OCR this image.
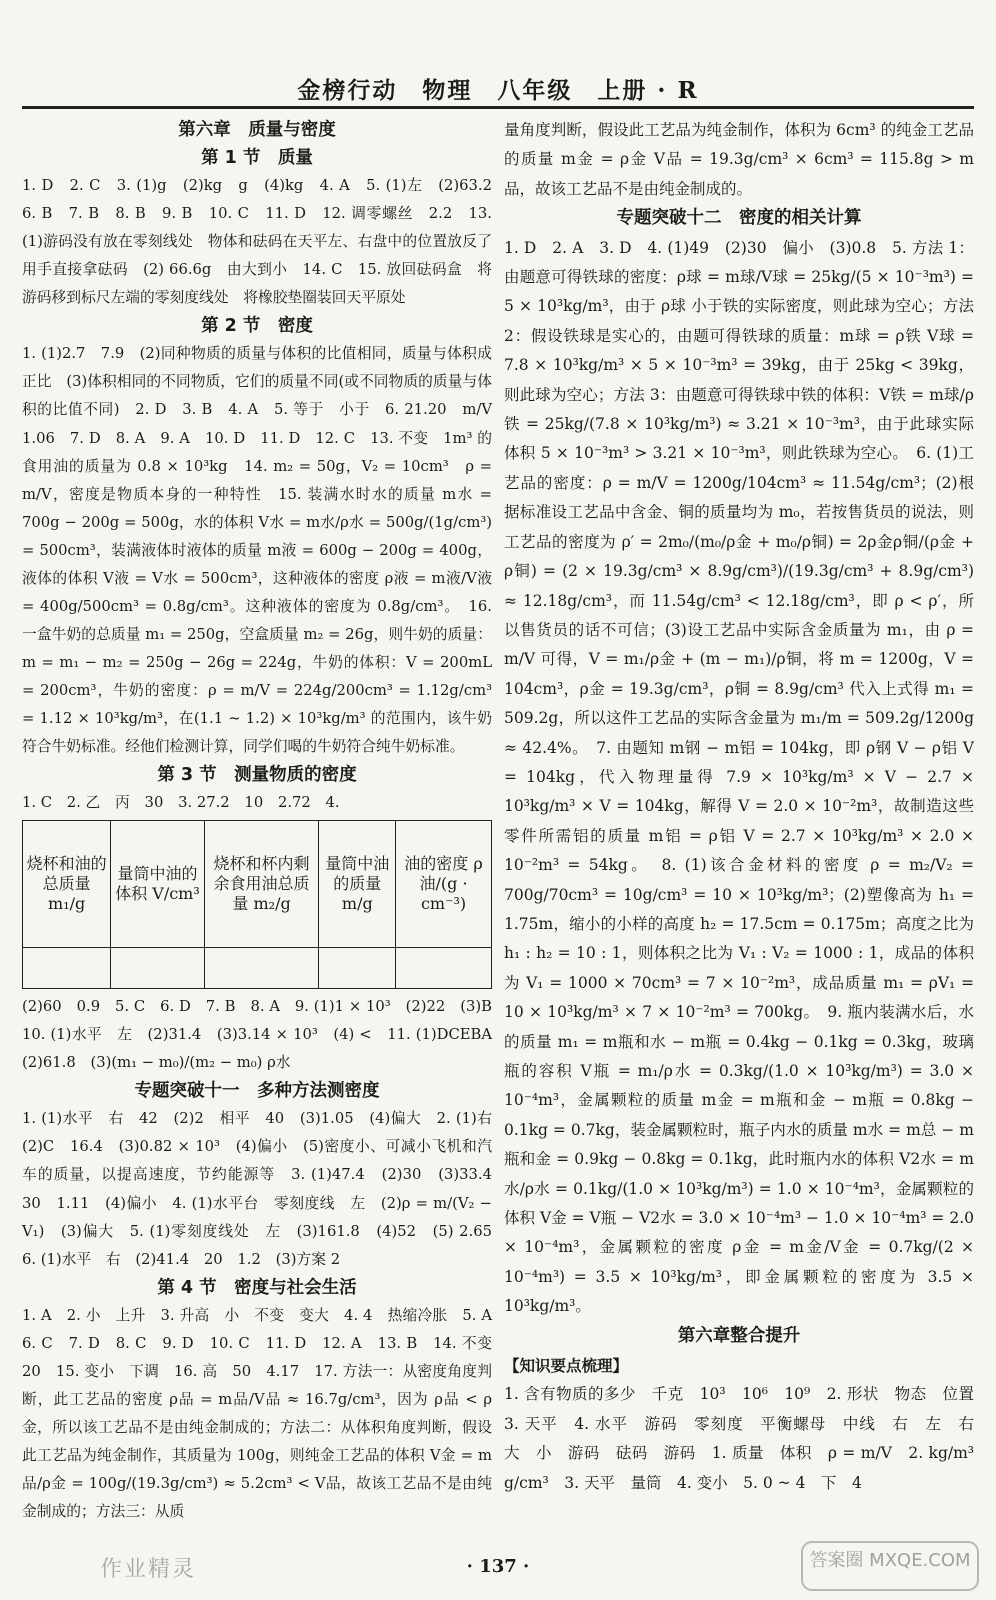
金榜行动　物理　八年级　上册 · R
第六章　质量与密度
第 1 节　质量

1. D　2. C　3. (1)g　(2)kg　g　(4)kg　4. A　5. (1)左　(2)63.2　6. B　7. B　8. B　9. B　10. C　11. D　12. 调零螺丝　2.2　13. (1)游码没有放在零刻线处　物体和砝码在天平左、右盘中的位置放反了　用手直接拿砝码　(2) 66.6g　由大到小　14. C　15. 放回砝码盒　将游码移到标尺左端的零刻度线处　将橡胶垫圈装回天平原处

第 2 节　密度

1. (1)2.7　7.9　(2)同种物质的质量与体积的比值相同，质量与体积成正比　(3)体积相同的不同物质，它们的质量不同(或不同物质的质量与体积的比值不同)　2. D　3. B　4. A　5. 等于　小于　6. 21.20　m/V　1.06　7. D　8. A　9. A　10. D　11. D　12. C　13. 不变　1m³ 的食用油的质量为 0.8 × 10³kg　14. m₂ = 50g，V₂ = 10cm³　ρ = m/V，密度是物质本身的一种特性　15. 装满水时水的质量 m水 = 700g − 200g = 500g，水的体积 V水 = m水/ρ水 = 500g/(1g/cm³) = 500cm³，装满液体时液体的质量 m液 = 600g − 200g = 400g，液体的体积 V液 = V水 = 500cm³，这种液体的密度 ρ液 = m液/V液 = 400g/500cm³ = 0.8g/cm³。这种液体的密度为 0.8g/cm³。　16. 一盒牛奶的总质量 m₁ = 250g，空盒质量 m₂ = 26g，则牛奶的质量：m = m₁ − m₂ = 250g − 26g = 224g，牛奶的体积：V = 200mL = 200cm³，牛奶的密度：ρ = m/V = 224g/200cm³ = 1.12g/cm³ = 1.12 × 10³kg/m³，在(1.1 ~ 1.2) × 10³kg/m³ 的范围内，该牛奶符合牛奶标准。经他们检测计算，同学们喝的牛奶符合纯牛奶标准。

第 3 节　测量物质的密度

1. C　2. 乙　丙　30　3. 27.2　10　2.72　4.

烧杯和油的总质量 m₁/g	量筒中油的体积 V/cm³	烧杯和杯内剩余食用油总质量 m₂/g	量筒中油的质量 m/g	油的密度 ρ油/(g · cm⁻³)

(2)60　0.9　5. C　6. D　7. B　8. A　9. (1)1 × 10³　(2)22　(3)B　10. (1)水平　左　(2)31.4　(3)3.14 × 10³　(4) <　11. (1)DCEBA　(2)61.8　(3)(m₁ − m₀)/(m₂ − m₀) ρ水

专题突破十一　多种方法测密度

1. (1)水平　右　42　(2)2　相平　40　(3)1.05　(4)偏大　2. (1)右　(2)C　16.4　(3)0.82 × 10³　(4)偏小　(5)密度小、可减小飞机和汽车的质量，以提高速度，节约能源等　3. (1)47.4　(2)30　(3)33.4　30　1.11　(4)偏小　4. (1)水平台　零刻度线　左　(2)ρ = m/(V₂ − V₁)　(3)偏大　5. (1)零刻度线处　左　(3)161.8　(4)52　(5) 2.65　6. (1)水平　右　(2)41.4　20　1.2　(3)方案 2

第 4 节　密度与社会生活

1. A　2. 小　上升　3. 升高　小　不变　变大　4. 4　热缩冷胀　5. A　6. C　7. D　8. C　9. D　10. C　11. D　12. A　13. B　14. 不变　20　15. 变小　下调　16. 高　50　4.17　17. 方法一：从密度角度判断，此工艺品的密度 ρ品 = m品/V品 ≈ 16.7g/cm³，因为 ρ品 < ρ金，所以该工艺品不是由纯金制成的；方法二：从体积角度判断，假设此工艺品为纯金制作，其质量为 100g，则纯金工艺品的体积 V金 = m品/ρ金 = 100g/(19.3g/cm³) ≈ 5.2cm³ < V品，故该工艺品不是由纯金制成的；方法三：从质

量角度判断，假设此工艺品为纯金制作，体积为 6cm³ 的纯金工艺品的质量 m金 = ρ金 V品 = 19.3g/cm³ × 6cm³ = 115.8g > m品，故该工艺品不是由纯金制成的。

专题突破十二　密度的相关计算

1. D　2. A　3. D　4. (1)49　(2)30　偏小　(3)0.8　5. 方法 1：由题意可得铁球的密度：ρ球 = m球/V球 = 25kg/(5 × 10⁻³m³) = 5 × 10³kg/m³，由于 ρ球 小于铁的实际密度，则此球为空心；方法 2：假设铁球是实心的，由题可得铁球的质量：m球 = ρ铁 V球 = 7.8 × 10³kg/m³ × 5 × 10⁻³m³ = 39kg，由于 25kg < 39kg，则此球为空心；方法 3：由题意可得铁球中铁的体积：V铁 = m球/ρ铁 = 25kg/(7.8 × 10³kg/m³) ≈ 3.21 × 10⁻³m³，由于此球实际体积 5 × 10⁻³m³ > 3.21 × 10⁻³m³，则此铁球为空心。　6. (1)工艺品的密度：ρ = m/V = 1200g/104cm³ ≈ 11.54g/cm³；(2)根据标准设工艺品中含金、铜的质量均为 m₀，若按售货员的说法，则工艺品的密度为 ρ′ = 2m₀/(m₀/ρ金 + m₀/ρ铜) = 2ρ金ρ铜/(ρ金 + ρ铜) = (2 × 19.3g/cm³ × 8.9g/cm³)/(19.3g/cm³ + 8.9g/cm³) ≈ 12.18g/cm³，而 11.54g/cm³ < 12.18g/cm³，即 ρ < ρ′，所以售货员的话不可信；(3)设工艺品中实际含金质量为 m₁，由 ρ = m/V 可得，V = m₁/ρ金 + (m − m₁)/ρ铜，将 m = 1200g，V = 104cm³，ρ金 = 19.3g/cm³，ρ铜 = 8.9g/cm³ 代入上式得 m₁ = 509.2g，所以这件工艺品的实际含金量为 m₁/m = 509.2g/1200g ≈ 42.4%。　7. 由题知 m钢 − m铝 = 104kg，即 ρ钢 V − ρ铝 V = 104kg，代入物理量得 7.9 × 10³kg/m³ × V − 2.7 × 10³kg/m³ × V = 104kg，解得 V = 2.0 × 10⁻²m³，故制造这些零件所需铝的质量 m铝 = ρ铝 V = 2.7 × 10³kg/m³ × 2.0 × 10⁻²m³ = 54kg。　8. (1)该合金材料的密度 ρ = m₂/V₂ = 700g/70cm³ = 10g/cm³ = 10 × 10³kg/m³；(2)塑像高为 h₁ = 1.75m，缩小的小样的高度 h₂ = 17.5cm = 0.175m；高度之比为 h₁ : h₂ = 10 : 1，则体积之比为 V₁ : V₂ = 1000 : 1，成品的体积为 V₁ = 1000 × 70cm³ = 7 × 10⁻²m³，成品质量 m₁ = ρV₁ = 10 × 10³kg/m³ × 7 × 10⁻²m³ = 700kg。　9. 瓶内装满水后，水的质量 m₁ = m瓶和水 − m瓶 = 0.4kg − 0.1kg = 0.3kg，玻璃瓶的容积 V瓶 = m₁/ρ水 = 0.3kg/(1.0 × 10³kg/m³) = 3.0 × 10⁻⁴m³，金属颗粒的质量 m金 = m瓶和金 − m瓶 = 0.8kg − 0.1kg = 0.7kg，装金属颗粒时，瓶子内水的质量 m水 = m总 − m瓶和金 = 0.9kg − 0.8kg = 0.1kg，此时瓶内水的体积 V2水 = m水/ρ水 = 0.1kg/(1.0 × 10³kg/m³) = 1.0 × 10⁻⁴m³，金属颗粒的体积 V金 = V瓶 − V2水 = 3.0 × 10⁻⁴m³ − 1.0 × 10⁻⁴m³ = 2.0 × 10⁻⁴m³，金属颗粒的密度 ρ金 = m金/V金 = 0.7kg/(2 × 10⁻⁴m³) = 3.5 × 10³kg/m³，即金属颗粒的密度为 3.5 × 10³kg/m³。

第六章整合提升

【知识要点梳理】

1. 含有物质的多少　千克　10³　10⁶　10⁹　2. 形状　物态　位置　3. 天平　4. 水平　游码　零刻度　平衡螺母　中线　右　左　右　大　小　游码　砝码　游码　1. 质量　体积　ρ = m/V　2. kg/m³　g/cm³　3. 天平　量筒　4. 变小　5. 0 ~ 4　下　4

· 137 ·
作业精灵	答案圈 MXQE.COM
